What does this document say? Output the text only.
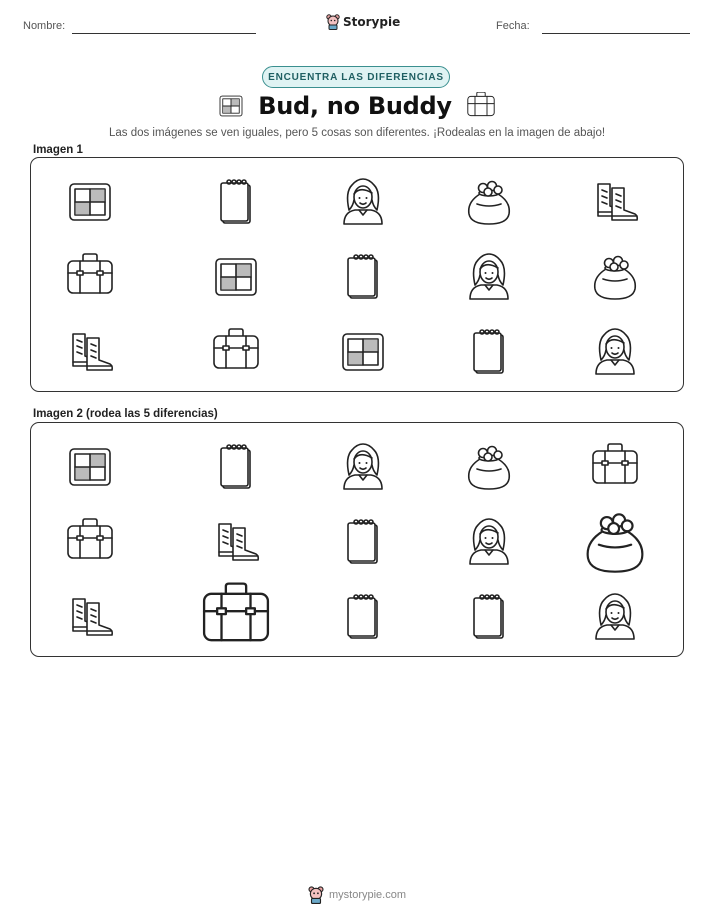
Nombre:	Storypie	Fecha:
ENCUENTRA LAS DIFERENCIAS
Bud, no Buddy
Las dos imágenes se ven iguales, pero 5 cosas son diferentes. ¡Rodealas en la imagen de abajo!
Imagen 1
Imagen 2 (rodea las 5 diferencias)
mystorypie.com
